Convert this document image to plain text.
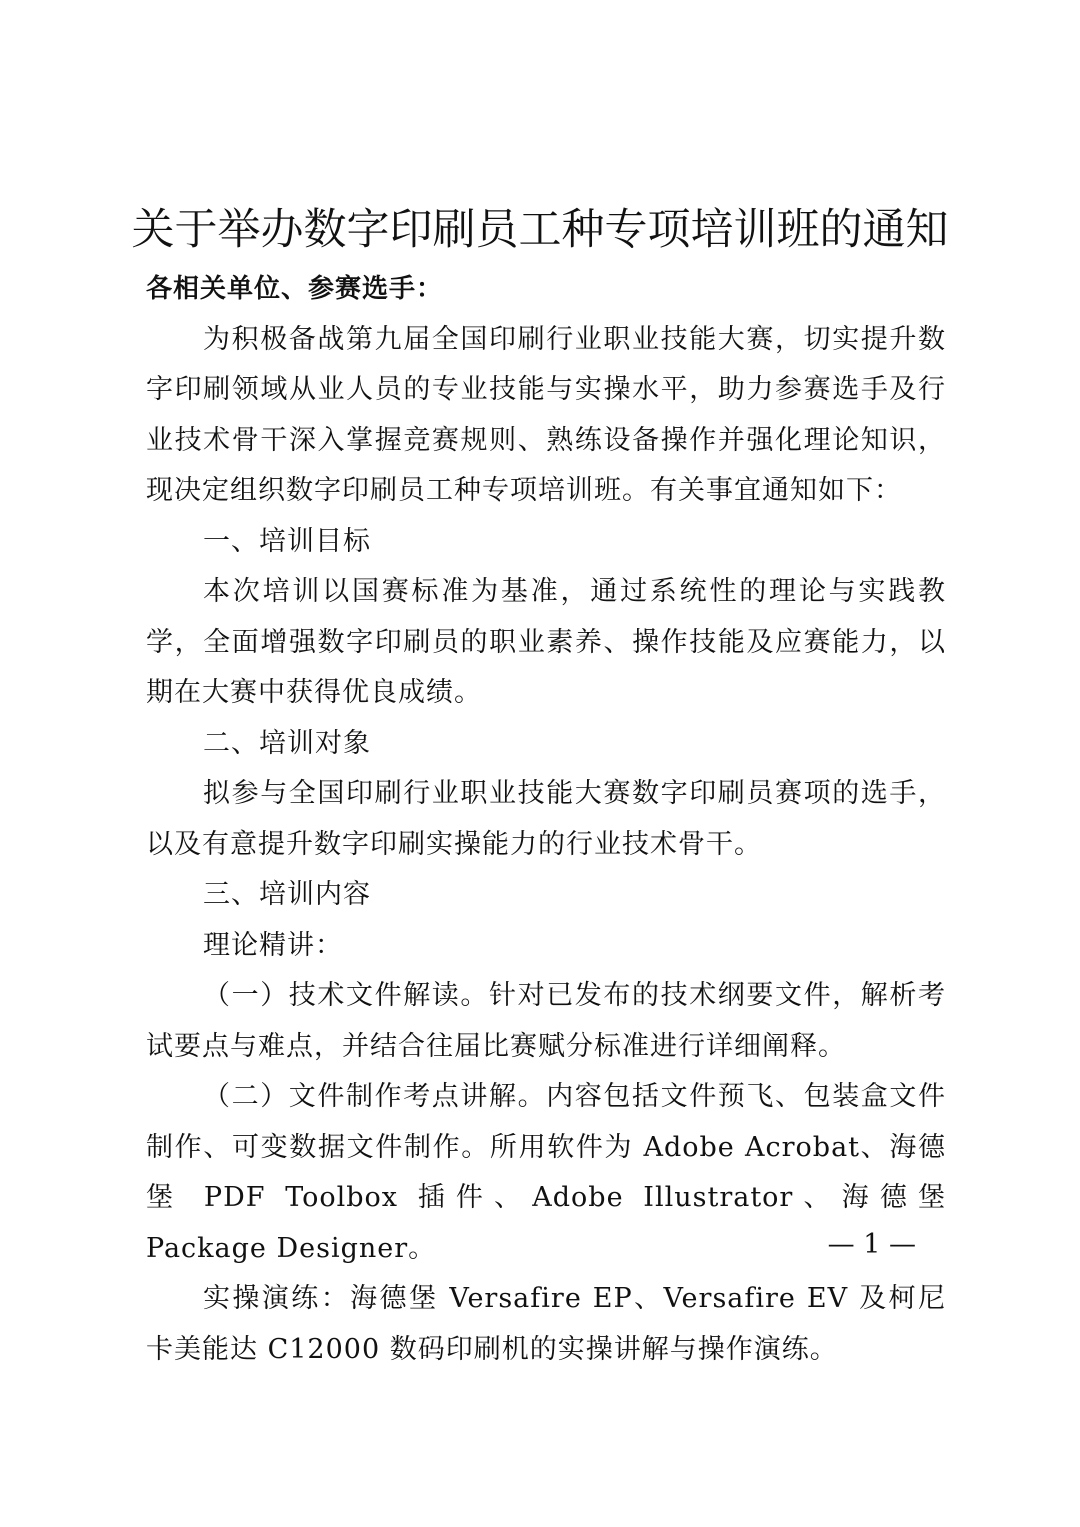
关于举办数字印刷员工种专项培训班的通知

各相关单位、参赛选手：

为积极备战第九届全国印刷行业职业技能大赛，切实提升数字印刷领域从业人员的专业技能与实操水平，助力参赛选手及行业技术骨干深入掌握竞赛规则、熟练设备操作并强化理论知识，现决定组织数字印刷员工种专项培训班。有关事宜通知如下：

一、培训目标

本次培训以国赛标准为基准，通过系统性的理论与实践教学，全面增强数字印刷员的职业素养、操作技能及应赛能力，以期在大赛中获得优良成绩。

二、培训对象

拟参与全国印刷行业职业技能大赛数字印刷员赛项的选手，以及有意提升数字印刷实操能力的行业技术骨干。

三、培训内容

理论精讲：

（一）技术文件解读。针对已发布的技术纲要文件，解析考试要点与难点，并结合往届比赛赋分标准进行详细阐释。

（二）文件制作考点讲解。内容包括文件预飞、包装盒文件制作、可变数据文件制作。所用软件为 Adobe Acrobat、海德堡 PDF Toolbox 插件、Adobe Illustrator、海德堡 Package Designer。

实操演练：海德堡 Versafire EP、Versafire EV 及柯尼卡美能达 C12000 数码印刷机的实操讲解与操作演练。

— 1 —
